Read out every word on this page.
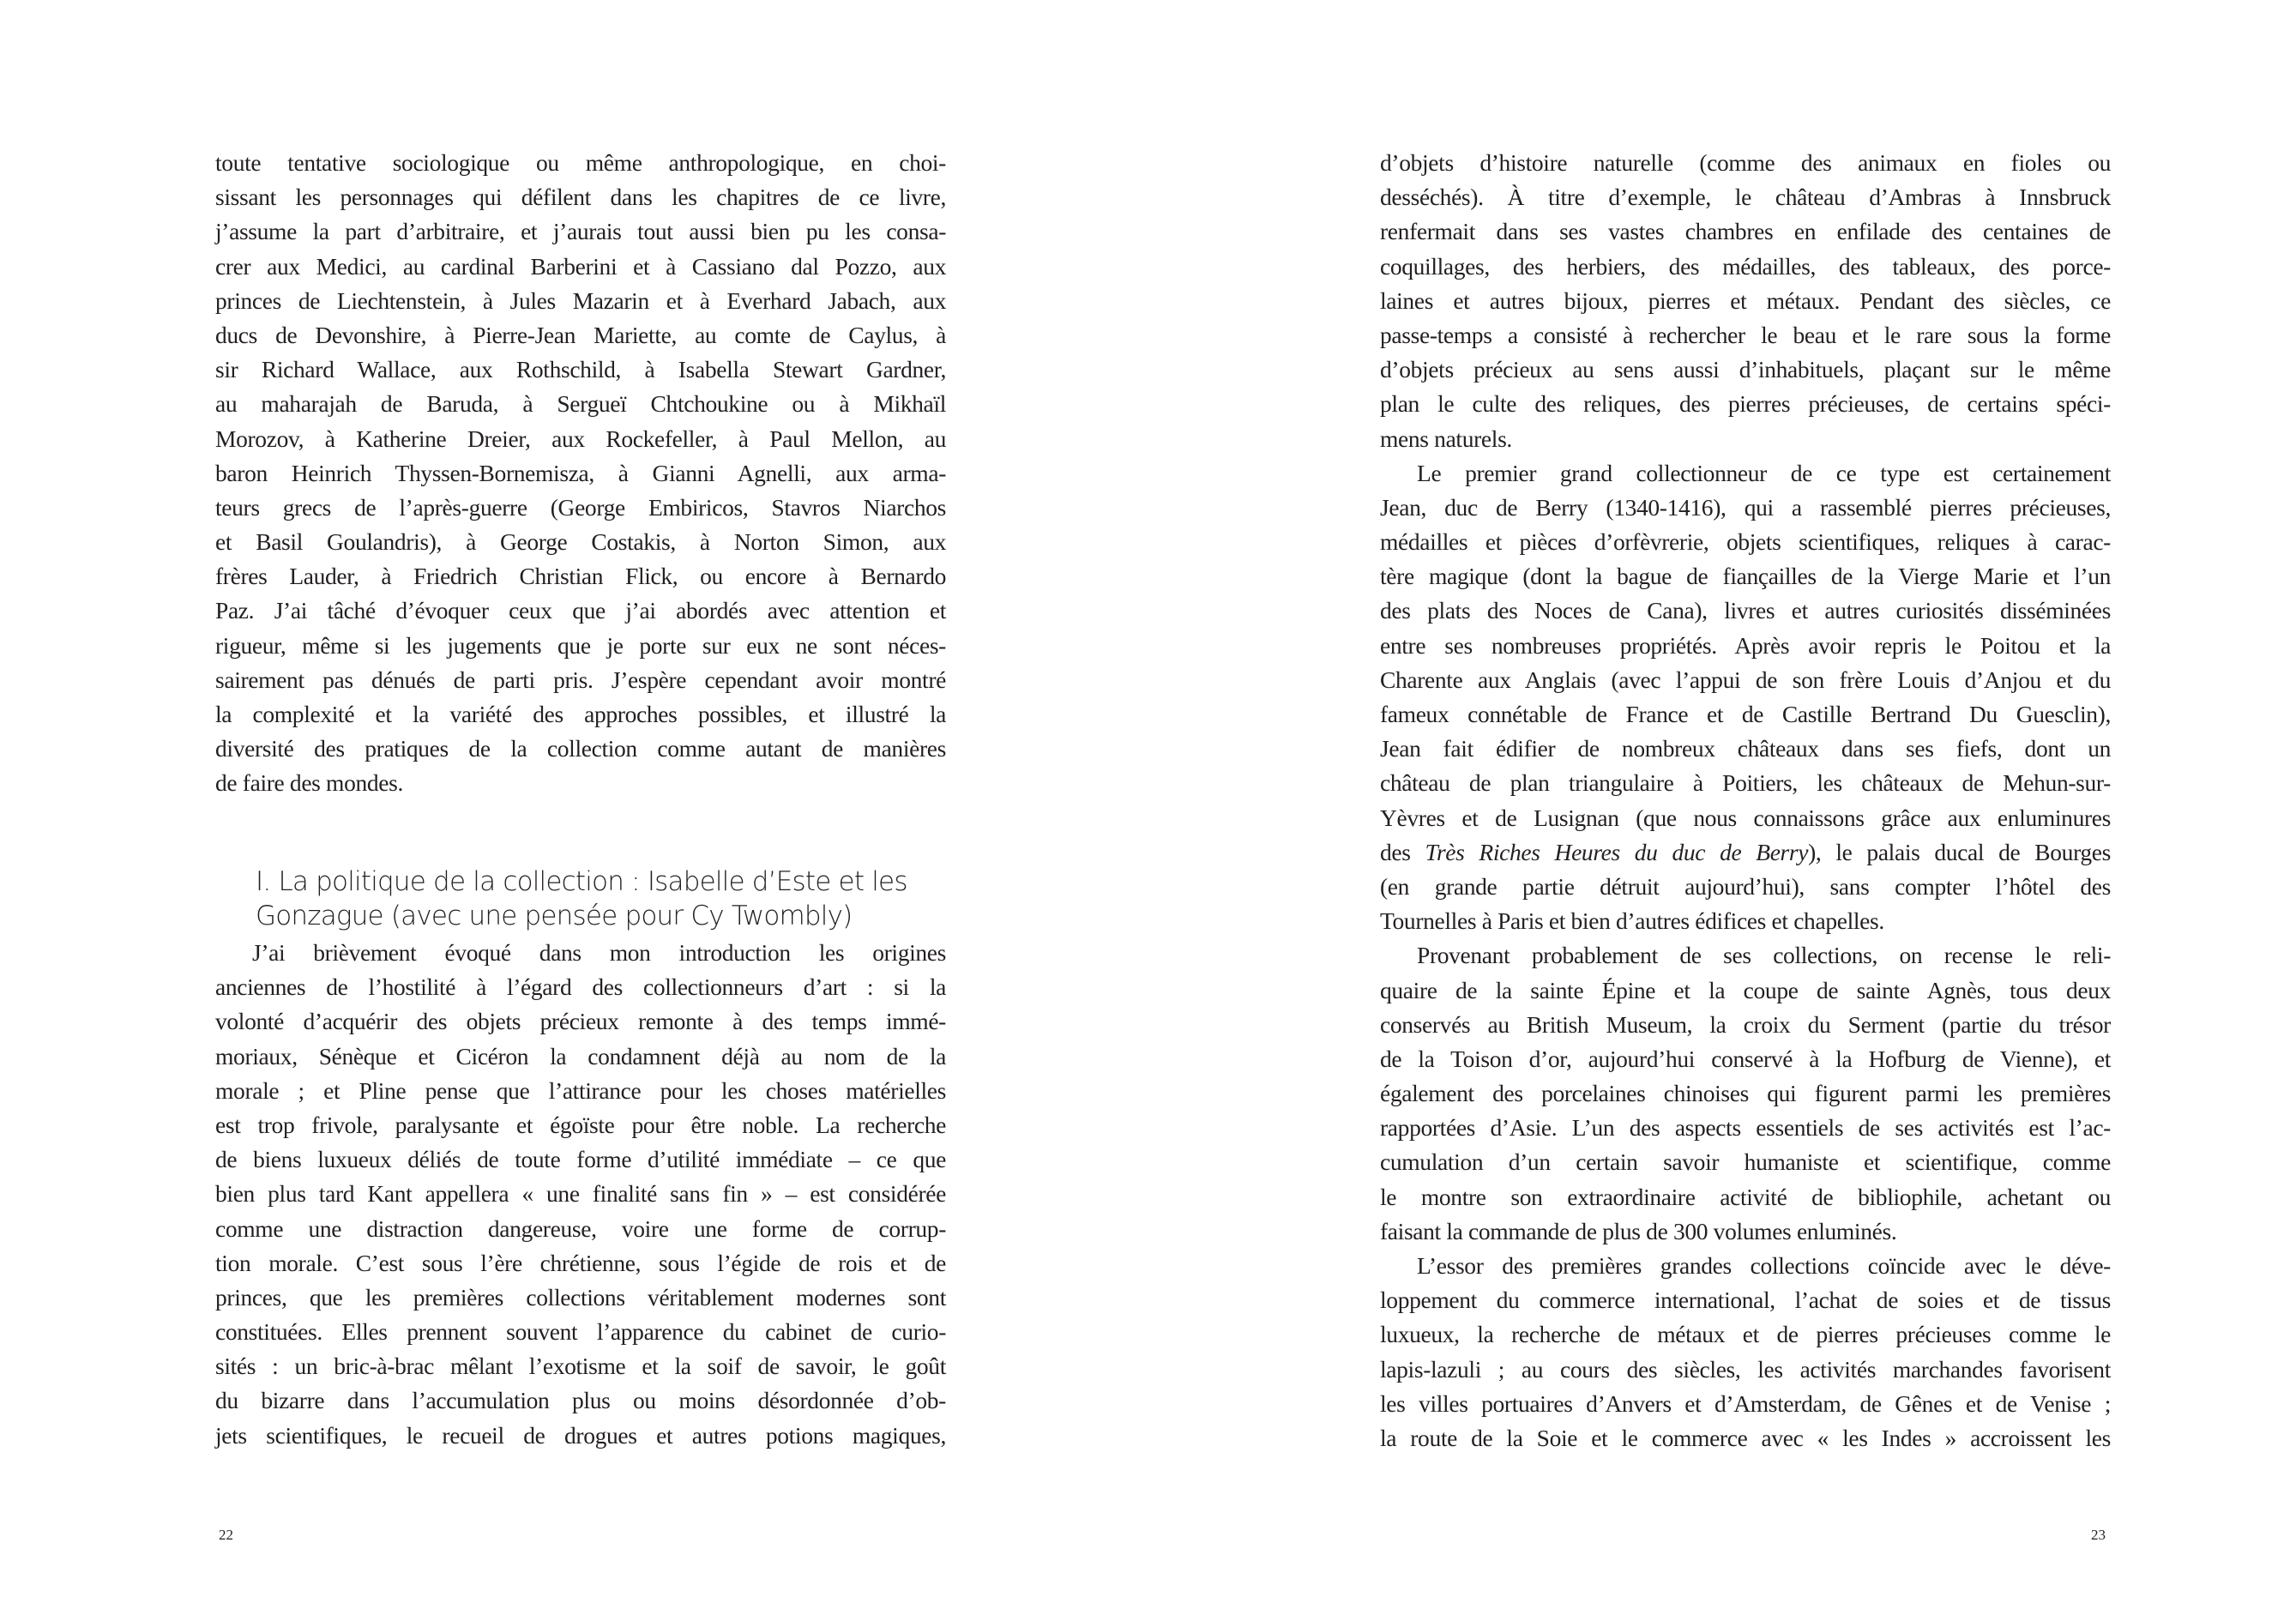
toute tentative sociologique ou même anthropologique, en choi-
sissant les personnages qui défilent dans les chapitres de ce livre,
j’assume la part d’arbitraire, et j’aurais tout aussi bien pu les consa-
crer aux Medici, au cardinal Barberini et à Cassiano dal Pozzo, aux
princes de Liechtenstein, à Jules Mazarin et à Everhard Jabach, aux
ducs de Devonshire, à Pierre-Jean Mariette, au comte de Caylus, à
sir Richard Wallace, aux Rothschild, à Isabella Stewart Gardner,
au maharajah de Baruda, à Sergueï Chtchoukine ou à Mikhaïl
Morozov, à Katherine Dreier, aux Rockefeller, à Paul Mellon, au
baron Heinrich Thyssen-Bornemisza, à Gianni Agnelli, aux arma-
teurs grecs de l’après-guerre (George Embiricos, Stavros Niarchos
et Basil Goulandris), à George Costakis, à Norton Simon, aux
frères Lauder, à Friedrich Christian Flick, ou encore à Bernardo
Paz. J’ai tâché d’évoquer ceux que j’ai abordés avec attention et
rigueur, même si les jugements que je porte sur eux ne sont néces-
sairement pas dénués de parti pris. J’espère cependant avoir montré
la complexité et la variété des approches possibles, et illustré la
diversité des pratiques de la collection comme autant de manières
de faire des mondes.
I. La politique de la collection : Isabelle d’Este et les
Gonzague (avec une pensée pour Cy Twombly)
J’ai brièvement évoqué dans mon introduction les origines
anciennes de l’hostilité à l’égard des collectionneurs d’art : si la
volonté d’acquérir des objets précieux remonte à des temps immé-
moriaux, Sénèque et Cicéron la condamnent déjà au nom de la
morale ; et Pline pense que l’attirance pour les choses matérielles
est trop frivole, paralysante et égoïste pour être noble. La recherche
de biens luxueux déliés de toute forme d’utilité immédiate – ce que
bien plus tard Kant appellera « une finalité sans fin » – est considérée
comme une distraction dangereuse, voire une forme de corrup-
tion morale. C’est sous l’ère chrétienne, sous l’égide de rois et de
princes, que les premières collections véritablement modernes sont
constituées. Elles prennent souvent l’apparence du cabinet de curio-
sités : un bric-à-brac mêlant l’exotisme et la soif de savoir, le goût
du bizarre dans l’accumulation plus ou moins désordonnée d’ob-
jets scientifiques, le recueil de drogues et autres potions magiques,
22
d’objets d’histoire naturelle (comme des animaux en fioles ou
desséchés). À titre d’exemple, le château d’Ambras à Innsbruck
renfermait dans ses vastes chambres en enfilade des centaines de
coquillages, des herbiers, des médailles, des tableaux, des porce-
laines et autres bijoux, pierres et métaux. Pendant des siècles, ce
passe-temps a consisté à rechercher le beau et le rare sous la forme
d’objets précieux au sens aussi d’inhabituels, plaçant sur le même
plan le culte des reliques, des pierres précieuses, de certains spéci-
mens naturels.
Le premier grand collectionneur de ce type est certainement
Jean, duc de Berry (1340-1416), qui a rassemblé pierres précieuses,
médailles et pièces d’orfèvrerie, objets scientifiques, reliques à carac-
tère magique (dont la bague de fiançailles de la Vierge Marie et l’un
des plats des Noces de Cana), livres et autres curiosités disséminées
entre ses nombreuses propriétés. Après avoir repris le Poitou et la
Charente aux Anglais (avec l’appui de son frère Louis d’Anjou et du
fameux connétable de France et de Castille Bertrand Du Guesclin),
Jean fait édifier de nombreux châteaux dans ses fiefs, dont un
château de plan triangulaire à Poitiers, les châteaux de Mehun-sur-
Yèvres et de Lusignan (que nous connaissons grâce aux enluminures
des Très Riches Heures du duc de Berry), le palais ducal de Bourges
(en grande partie détruit aujourd’hui), sans compter l’hôtel des
Tournelles à Paris et bien d’autres édifices et chapelles.
Provenant probablement de ses collections, on recense le reli-
quaire de la sainte Épine et la coupe de sainte Agnès, tous deux
conservés au British Museum, la croix du Serment (partie du trésor
de la Toison d’or, aujourd’hui conservé à la Hofburg de Vienne), et
également des porcelaines chinoises qui figurent parmi les premières
rapportées d’Asie. L’un des aspects essentiels de ses activités est l’ac-
cumulation d’un certain savoir humaniste et scientifique, comme
le montre son extraordinaire activité de bibliophile, achetant ou
faisant la commande de plus de 300 volumes enluminés.
L’essor des premières grandes collections coïncide avec le déve-
loppement du commerce international, l’achat de soies et de tissus
luxueux, la recherche de métaux et de pierres précieuses comme le
lapis-lazuli ; au cours des siècles, les activités marchandes favorisent
les villes portuaires d’Anvers et d’Amsterdam, de Gênes et de Venise ;
la route de la Soie et le commerce avec « les Indes » accroissent les
23
